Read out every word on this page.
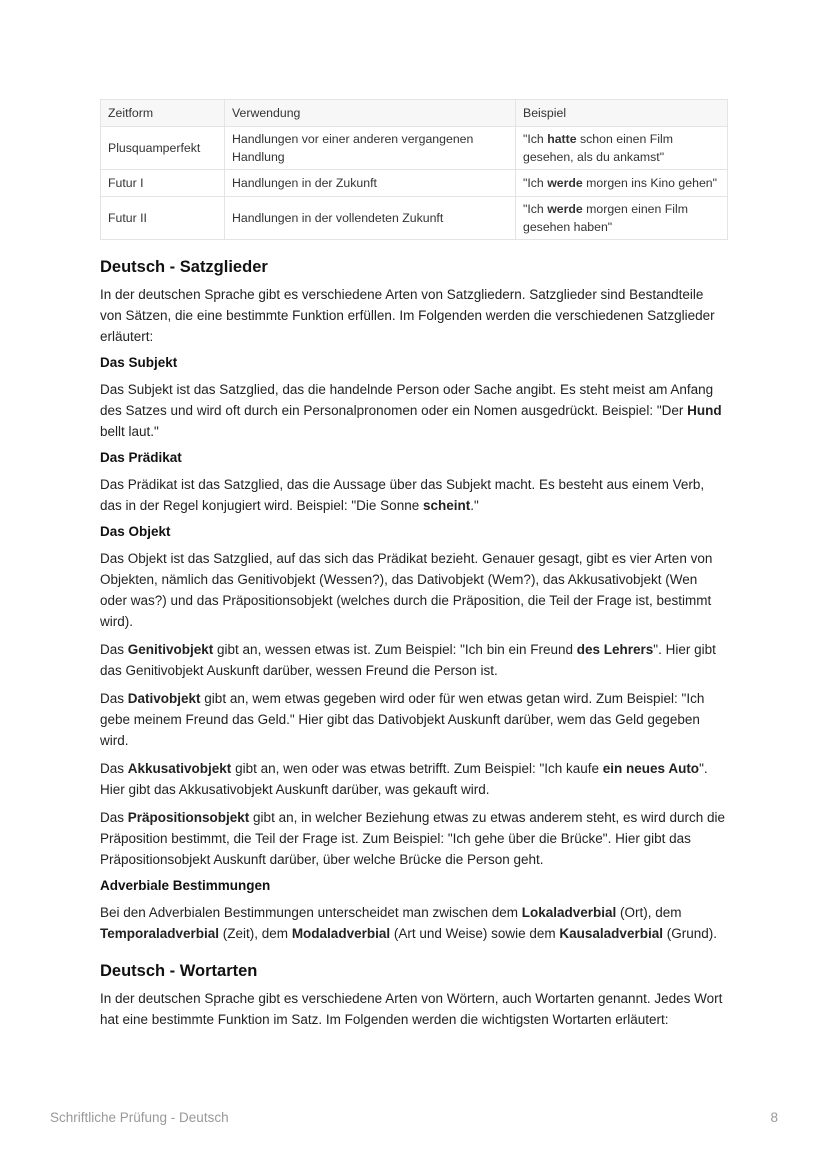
Zeitform	Verwendung	Beispiel
Plusquamperfekt	Handlungen vor einer anderen vergangenen Handlung	"Ich hatte schon einen Film gesehen, als du ankamst"
Futur I	Handlungen in der Zukunft	"Ich werde morgen ins Kino gehen"
Futur II	Handlungen in der vollendeten Zukunft	"Ich werde morgen einen Film gesehen haben"
Deutsch - Satzglieder

In der deutschen Sprache gibt es verschiedene Arten von Satzgliedern. Satzglieder sind Bestandteile von Sätzen, die eine bestimmte Funktion erfüllen. Im Folgenden werden die verschiedenen Satzglieder erläutert:

Das Subjekt

Das Subjekt ist das Satzglied, das die handelnde Person oder Sache angibt. Es steht meist am Anfang des Satzes und wird oft durch ein Personalpronomen oder ein Nomen ausgedrückt. Beispiel: "Der Hund bellt laut."

Das Prädikat

Das Prädikat ist das Satzglied, das die Aussage über das Subjekt macht. Es besteht aus einem Verb, das in der Regel konjugiert wird. Beispiel: "Die Sonne scheint."

Das Objekt

Das Objekt ist das Satzglied, auf das sich das Prädikat bezieht. Genauer gesagt, gibt es vier Arten von Objekten, nämlich das Genitivobjekt (Wessen?), das Dativobjekt (Wem?), das Akkusativobjekt (Wen oder was?) und das Präpositionsobjekt (welches durch die Präposition, die Teil der Frage ist, bestimmt wird).

Das Genitivobjekt gibt an, wessen etwas ist. Zum Beispiel: "Ich bin ein Freund des Lehrers". Hier gibt das Genitivobjekt Auskunft darüber, wessen Freund die Person ist.

Das Dativobjekt gibt an, wem etwas gegeben wird oder für wen etwas getan wird. Zum Beispiel: "Ich gebe meinem Freund das Geld." Hier gibt das Dativobjekt Auskunft darüber, wem das Geld gegeben wird.

Das Akkusativobjekt gibt an, wen oder was etwas betrifft. Zum Beispiel: "Ich kaufe ein neues Auto". Hier gibt das Akkusativobjekt Auskunft darüber, was gekauft wird.

Das Präpositionsobjekt gibt an, in welcher Beziehung etwas zu etwas anderem steht, es wird durch die Präposition bestimmt, die Teil der Frage ist. Zum Beispiel: "Ich gehe über die Brücke". Hier gibt das Präpositionsobjekt Auskunft darüber, über welche Brücke die Person geht.

Adverbiale Bestimmungen

Bei den Adverbialen Bestimmungen unterscheidet man zwischen dem Lokaladverbial (Ort), dem Temporaladverbial (Zeit), dem Modaladverbial (Art und Weise) sowie dem Kausaladverbial (Grund).

Deutsch - Wortarten

In der deutschen Sprache gibt es verschiedene Arten von Wörtern, auch Wortarten genannt. Jedes Wort hat eine bestimmte Funktion im Satz. Im Folgenden werden die wichtigsten Wortarten erläutert:

Schriftliche Prüfung - Deutsch	8
